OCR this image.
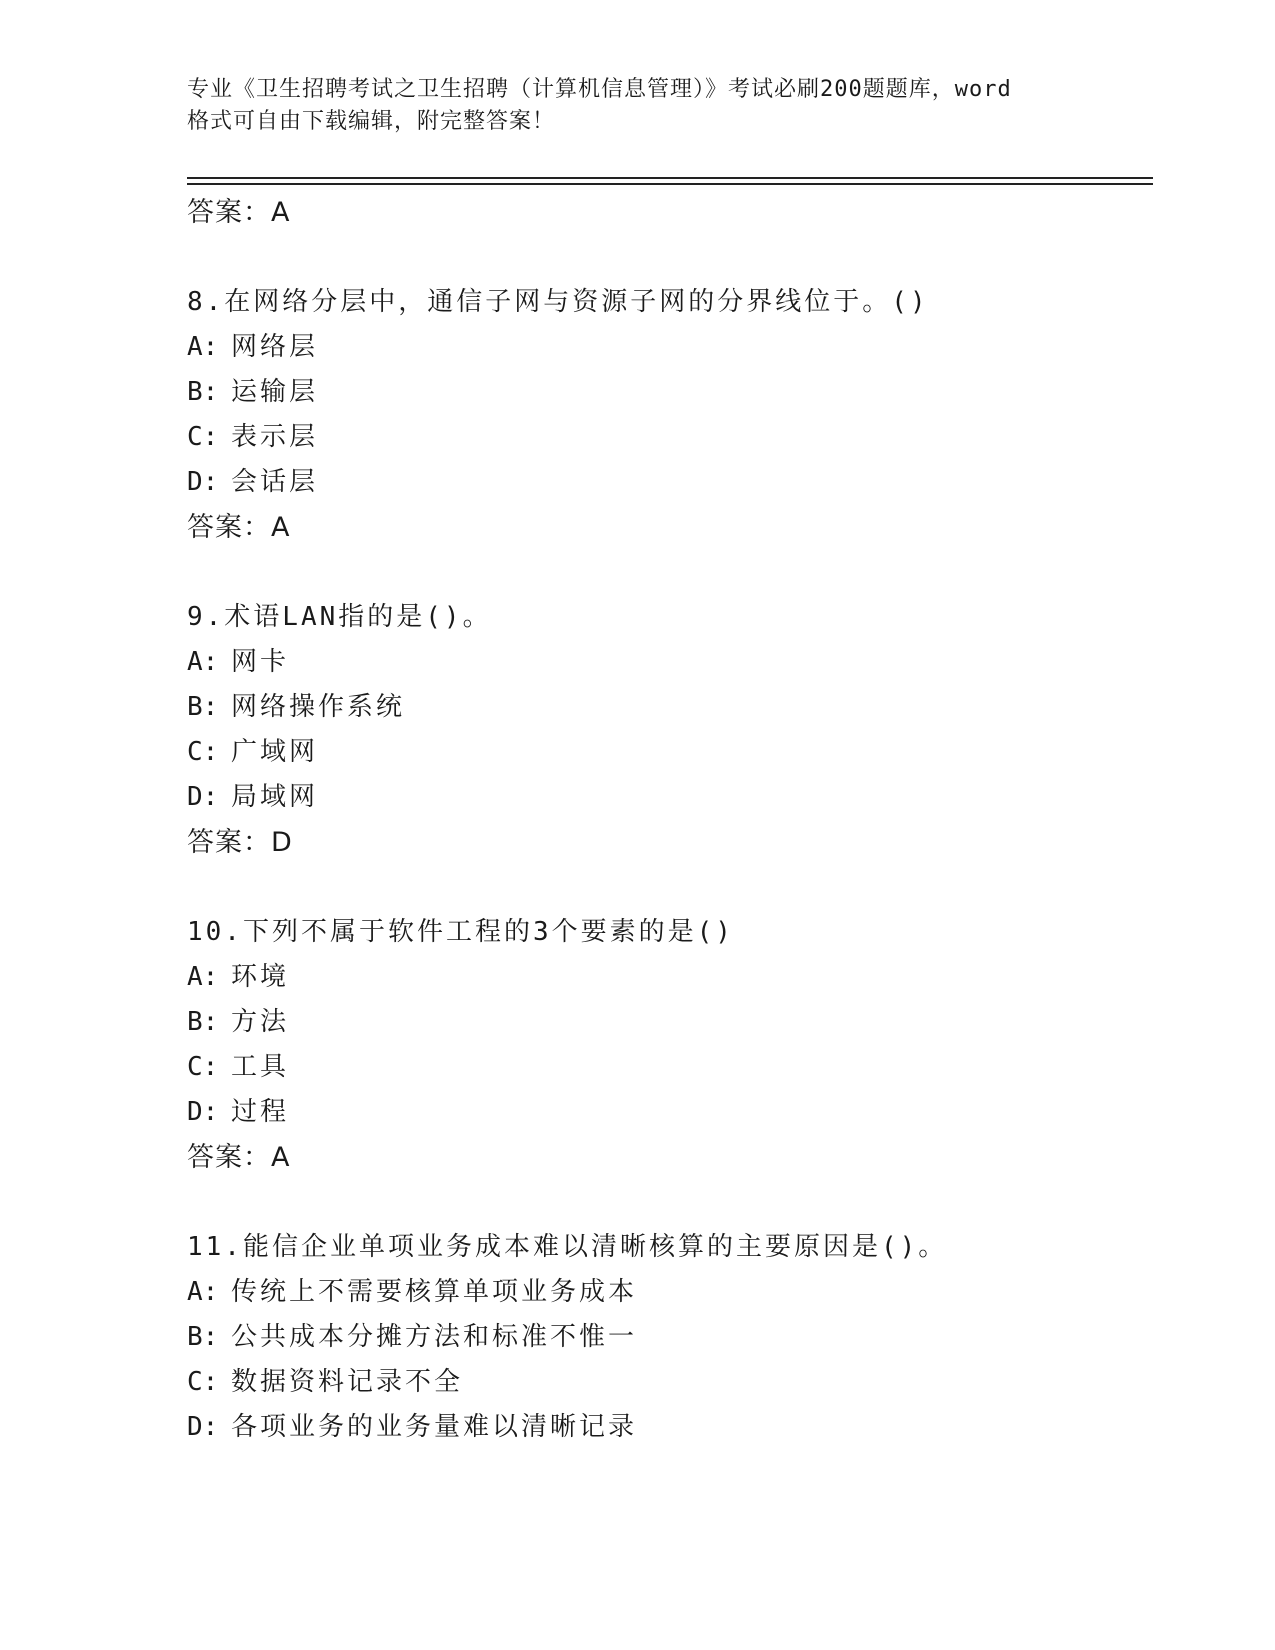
专业《卫生招聘考试之卫生招聘（计算机信息管理）》考试必刷200题题库，word
格式可自由下载编辑，附完整答案！
答案：A
8.在网络分层中，通信子网与资源子网的分界线位于。()
A: 网络层
B: 运输层
C: 表示层
D: 会话层
答案：A
9.术语LAN指的是()。
A: 网卡
B: 网络操作系统
C: 广域网
D: 局域网
答案：D
10.下列不属于软件工程的3个要素的是()
A: 环境
B: 方法
C: 工具
D: 过程
答案：A
11.能信企业单项业务成本难以清晰核算的主要原因是()。
A: 传统上不需要核算单项业务成本
B: 公共成本分摊方法和标准不惟一
C: 数据资料记录不全
D: 各项业务的业务量难以清晰记录
